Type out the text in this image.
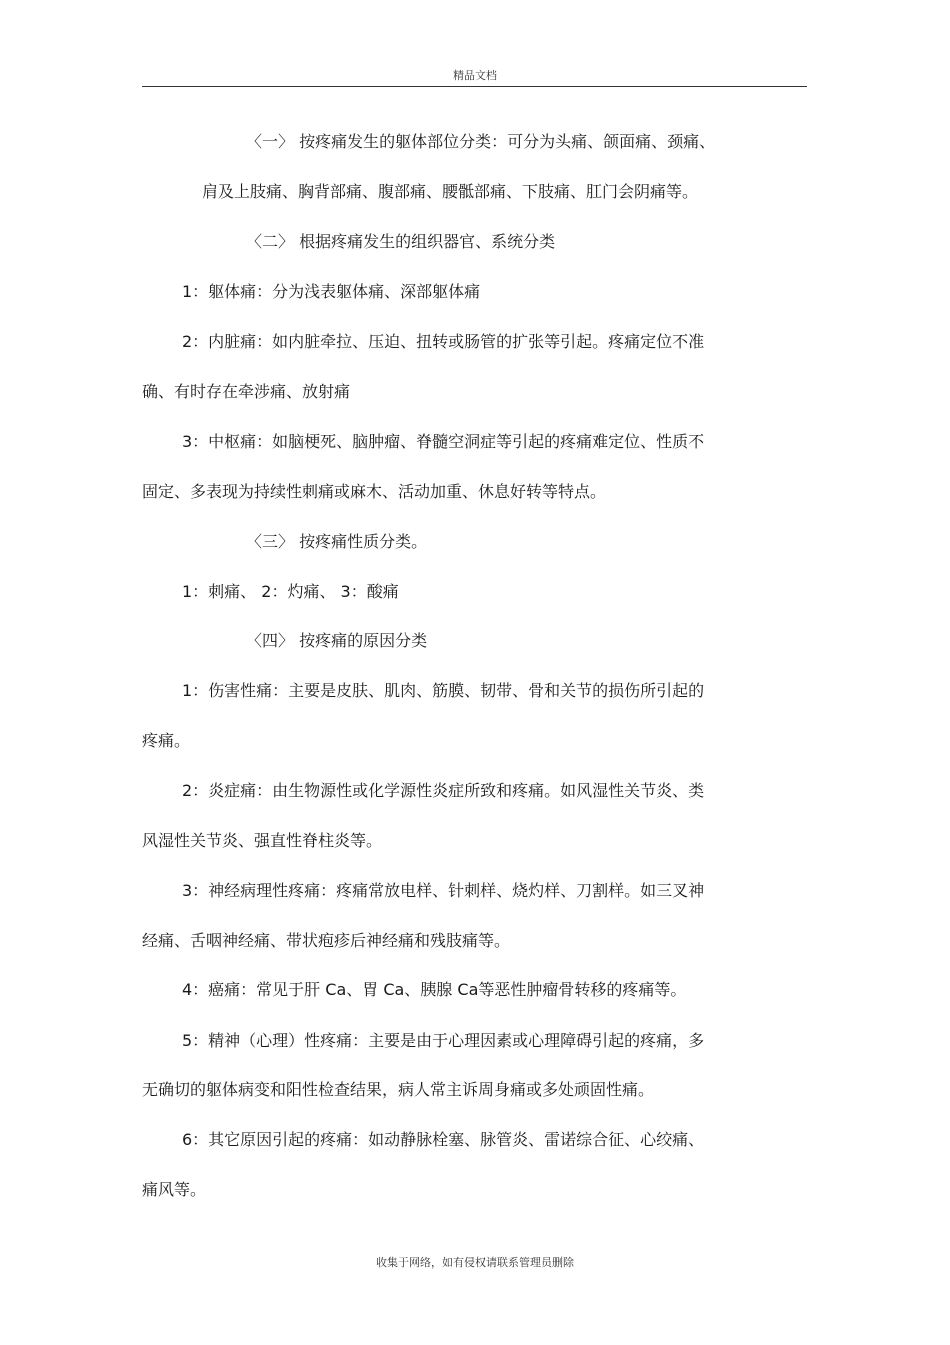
精品文档
〈一〉 按疼痛发生的躯体部位分类：可分为头痛、颌面痛、颈痛、
肩及上肢痛、胸背部痛、腹部痛、腰骶部痛、下肢痛、肛门会阴痛等。
〈二〉 根据疼痛发生的组织器官、系统分类
1：躯体痛：分为浅表躯体痛、深部躯体痛
2：内脏痛：如内脏牵拉、压迫、扭转或肠管的扩张等引起。疼痛定位不准
确、有时存在牵涉痛、放射痛
3：中枢痛：如脑梗死、脑肿瘤、脊髓空洞症等引起的疼痛难定位、性质不
固定、多表现为持续性刺痛或麻木、活动加重、休息好转等特点。
〈三〉 按疼痛性质分类。
1：刺痛、 2：灼痛、 3：酸痛
〈四〉 按疼痛的原因分类
1：伤害性痛：主要是皮肤、肌肉、筋膜、韧带、骨和关节的损伤所引起的
疼痛。
2：炎症痛：由生物源性或化学源性炎症所致和疼痛。如风湿性关节炎、类
风湿性关节炎、强直性脊柱炎等。
3：神经病理性疼痛：疼痛常放电样、针刺样、烧灼样、刀割样。如三叉神
经痛、舌咽神经痛、带状疱疹后神经痛和残肢痛等。
4：癌痛：常见于肝 Ca、胃 Ca、胰腺 Ca等恶性肿瘤骨转移的疼痛等。
5：精神（心理）性疼痛：主要是由于心理因素或心理障碍引起的疼痛，多
无确切的躯体病变和阳性检查结果，病人常主诉周身痛或多处顽固性痛。
6：其它原因引起的疼痛：如动静脉栓塞、脉管炎、雷诺综合征、心绞痛、
痛风等。
收集于网络，如有侵权请联系管理员删除
